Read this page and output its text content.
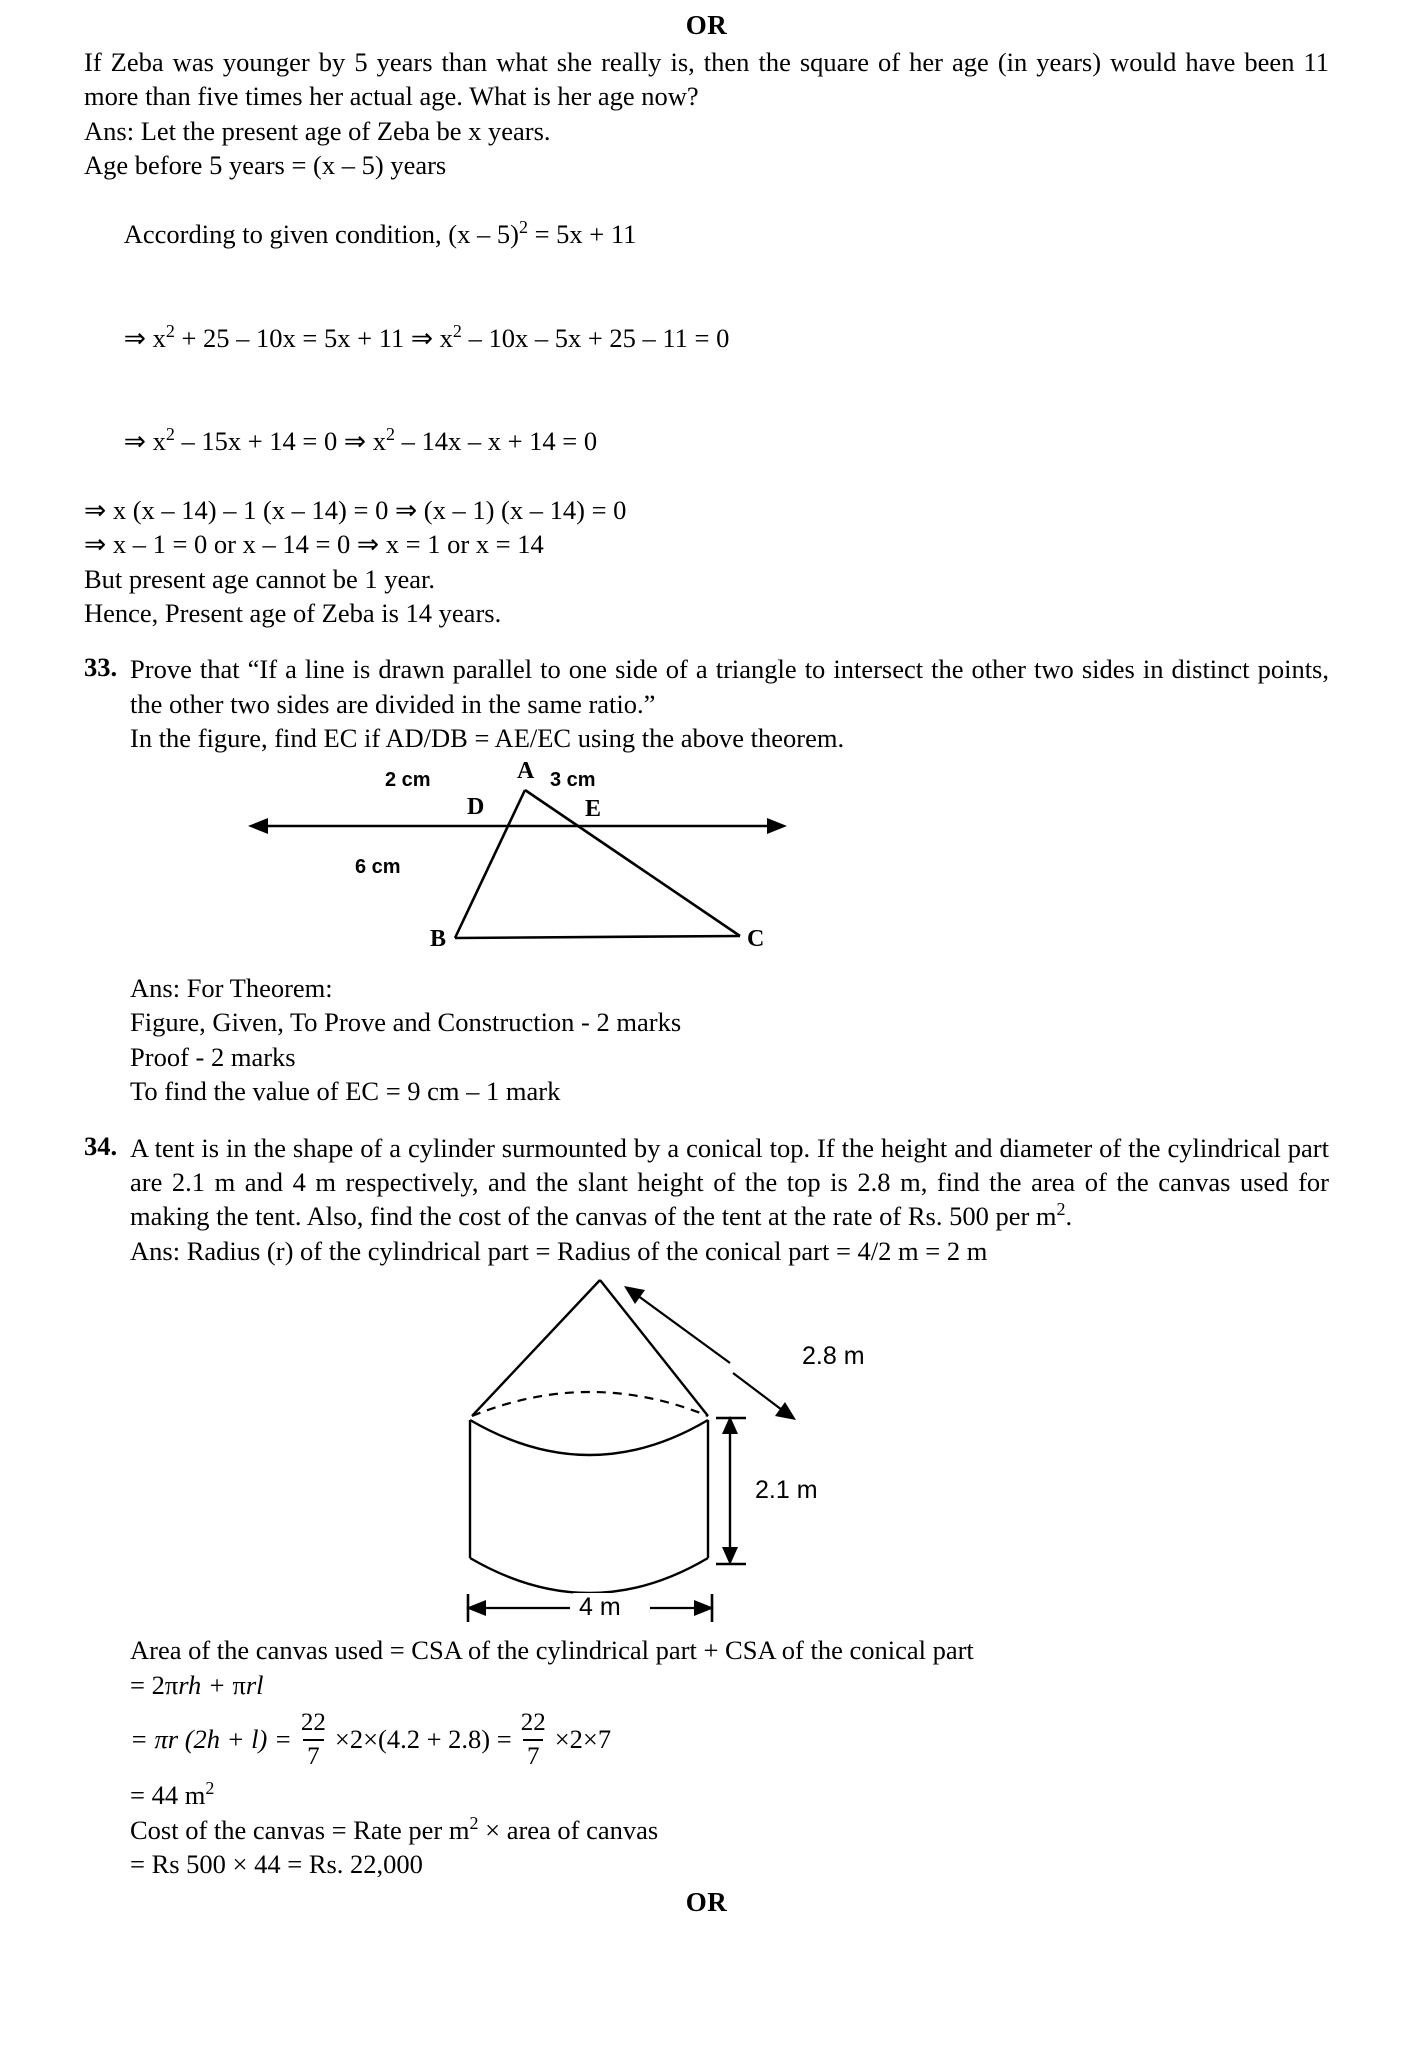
OR
If Zeba was younger by 5 years than what she really is, then the square of her age (in years) would have been 11 more than five times her actual age. What is her age now?
Ans: Let the present age of Zeba be x years.
Age before 5 years = (x – 5) years

According to given condition, (x – 5)$^2$ = 5x + 11

⇒ $x^2 + 25 - 10x = 5x + 11$ ⇒ $x^2 - 10x - 5x + 25 - 11 = 0$

⇒ $x^2 - 15x + 14 = 0$ ⇒ $x^2 - 14x - x + 14 = 0$

⇒ x (x – 14) – 1 (x – 14) = 0 ⇒ (x – 1) (x – 14) = 0
⇒ x – 1 = 0 or x – 14 = 0 ⇒ x = 1 or x = 14
But present age cannot be 1 year.
Hence, Present age of Zeba is 14 years.
33. Prove that “If a line is drawn parallel to one side of a triangle to intersect the other two sides in distinct points, the other two sides are divided in the same ratio.”
In the figure, find EC if AD/DB = AE/EC using the above theorem.
A
B	C
D	E
2 cm	3 cm
6 cm
Ans: For Theorem:
Figure, Given, To Prove and Construction - 2 marks
Proof - 2 marks
To find the value of EC = 9 cm – 1 mark
34. A tent is in the shape of a cylinder surmounted by a conical top. If the height and diameter of the cylindrical part are 2.1 m and 4 m respectively, and the slant height of the top is 2.8 m, find the area of the canvas used for making the tent. Also, find the cost of the canvas of the tent at the rate of Rs. 500 per $m^2$.
Ans: Radius (r) of the cylindrical part = Radius of the conical part = 4/2 m = 2 m
2.8 m
2.1 m
4 m
Area of the canvas used = CSA of the cylindrical part + CSA of the conical part
= 2πrh + πrl
= πr $(2h + l) = \frac{22}{7} \times 2\times(4.2 + 2.8) = \frac{22}{7} \times 2\times 7$
= 44 $m^2$
Cost of the canvas = Rate per $m^2$ × area of canvas
= Rs 500 × 44 = Rs. 22,000
OR
